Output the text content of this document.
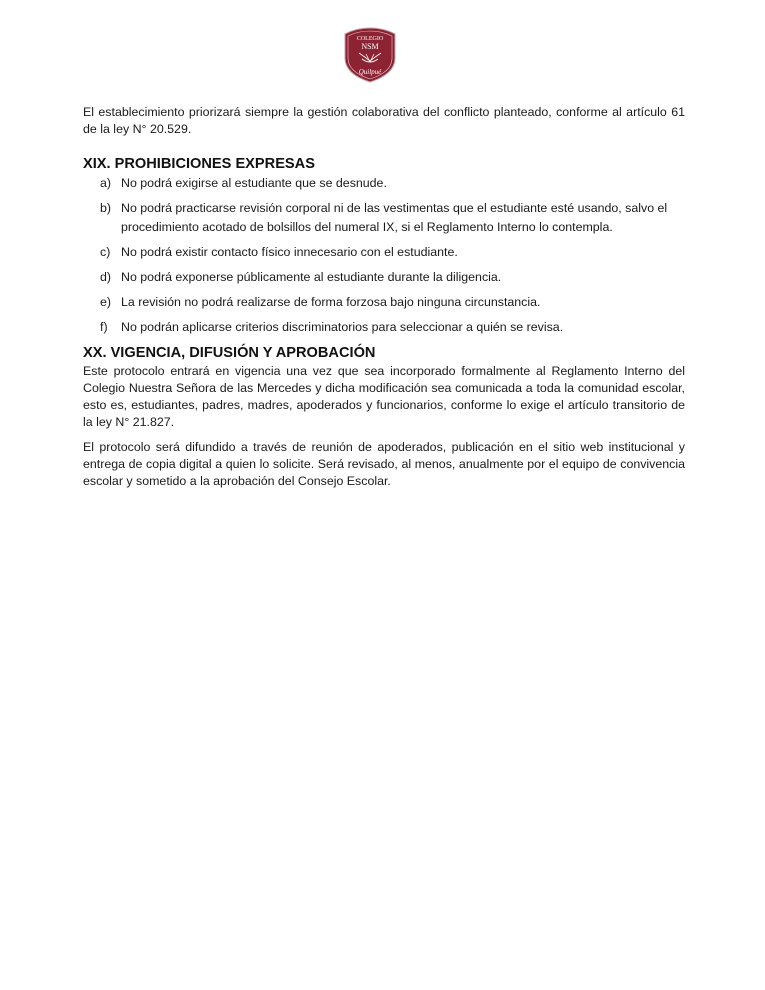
COLEGIO
NSM
Quilpué

El establecimiento priorizará siempre la gestión colaborativa del conflicto planteado, conforme al artículo 61 de la ley N° 20.529.

XIX. PROHIBICIONES EXPRESAS
a) No podrá exigirse al estudiante que se desnude.
b) No podrá practicarse revisión corporal ni de las vestimentas que el estudiante esté usando, salvo el procedimiento acotado de bolsillos del numeral IX, si el Reglamento Interno lo contempla.
c) No podrá existir contacto físico innecesario con el estudiante.
d) No podrá exponerse públicamente al estudiante durante la diligencia.
e) La revisión no podrá realizarse de forma forzosa bajo ninguna circunstancia.
f)	No podrán aplicarse criterios discriminatorios para seleccionar a quién se revisa.
XX. VIGENCIA, DIFUSIÓN Y APROBACIÓN

Este protocolo entrará en vigencia una vez que sea incorporado formalmente al Reglamento Interno del Colegio Nuestra Señora de las Mercedes y dicha modificación sea comunicada a toda la comunidad escolar, esto es, estudiantes, padres, madres, apoderados y funcionarios, conforme lo exige el artículo transitorio de la ley N° 21.827.

El protocolo será difundido a través de reunión de apoderados, publicación en el sitio web institucional y entrega de copia digital a quien lo solicite. Será revisado, al menos, anualmente por el equipo de convivencia escolar y sometido a la aprobación del Consejo Escolar.
